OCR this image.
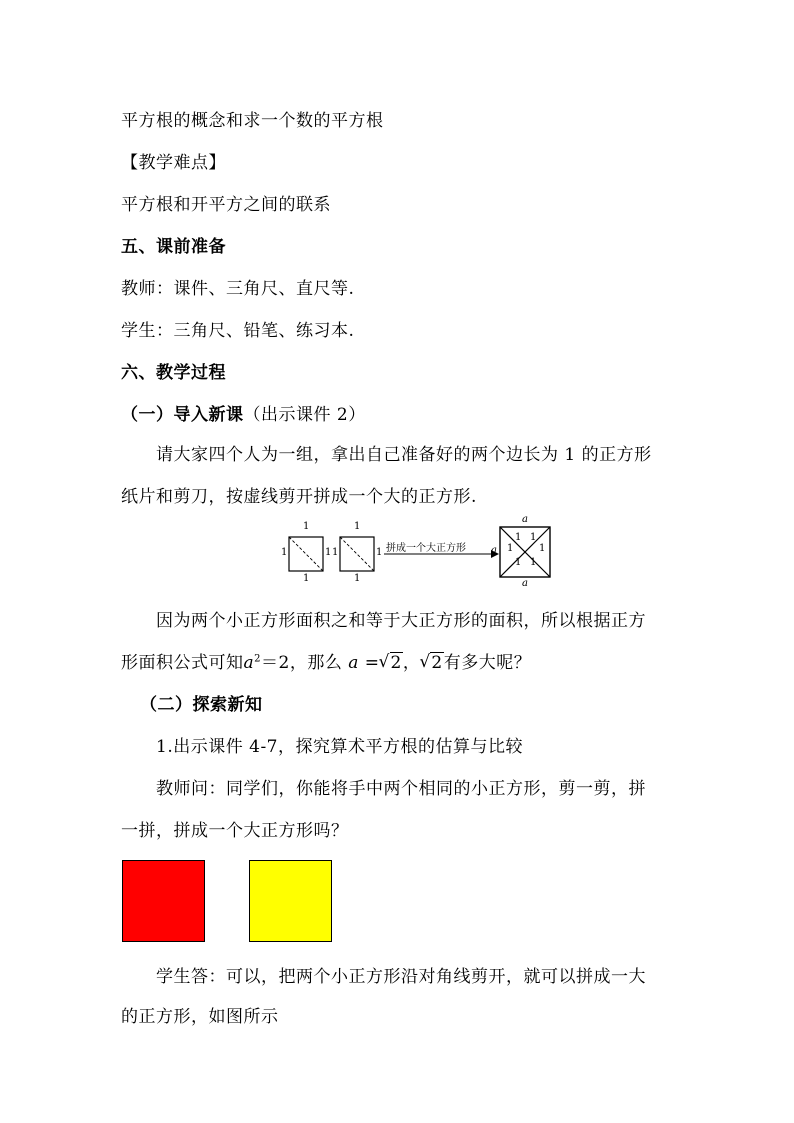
平方根的概念和求一个数的平方根
【教学难点】
平方根和开平方之间的联系
五、课前准备
教师：课件、三角尺、直尺等.
学生：三角尺、铅笔、练习本.
六、教学过程
（一）导入新课（出示课件 2）
请大家四个人为一组，拿出自己准备好的两个边长为 1 的正方形
纸片和剪刀，按虚线剪开拼成一个大的正方形.
1
1	1
1
1
1	1
1
拼成一个大正方形
a
a
a
1 1
1	1
1 1
因为两个小正方形面积之和等于大正方形的面积，所以根据正方
形面积公式可知$a^2=2$，那么 a = √ 2， √ 2有多大呢？
（二）探索新知
1.出示课件 4-7，探究算术平方根的估算与比较
教师问：同学们，你能将手中两个相同的小正方形，剪一剪，拼
一拼，拼成一个大正方形吗？
学生答：可以，把两个小正方形沿对角线剪开，就可以拼成一大
的正方形，如图所示
